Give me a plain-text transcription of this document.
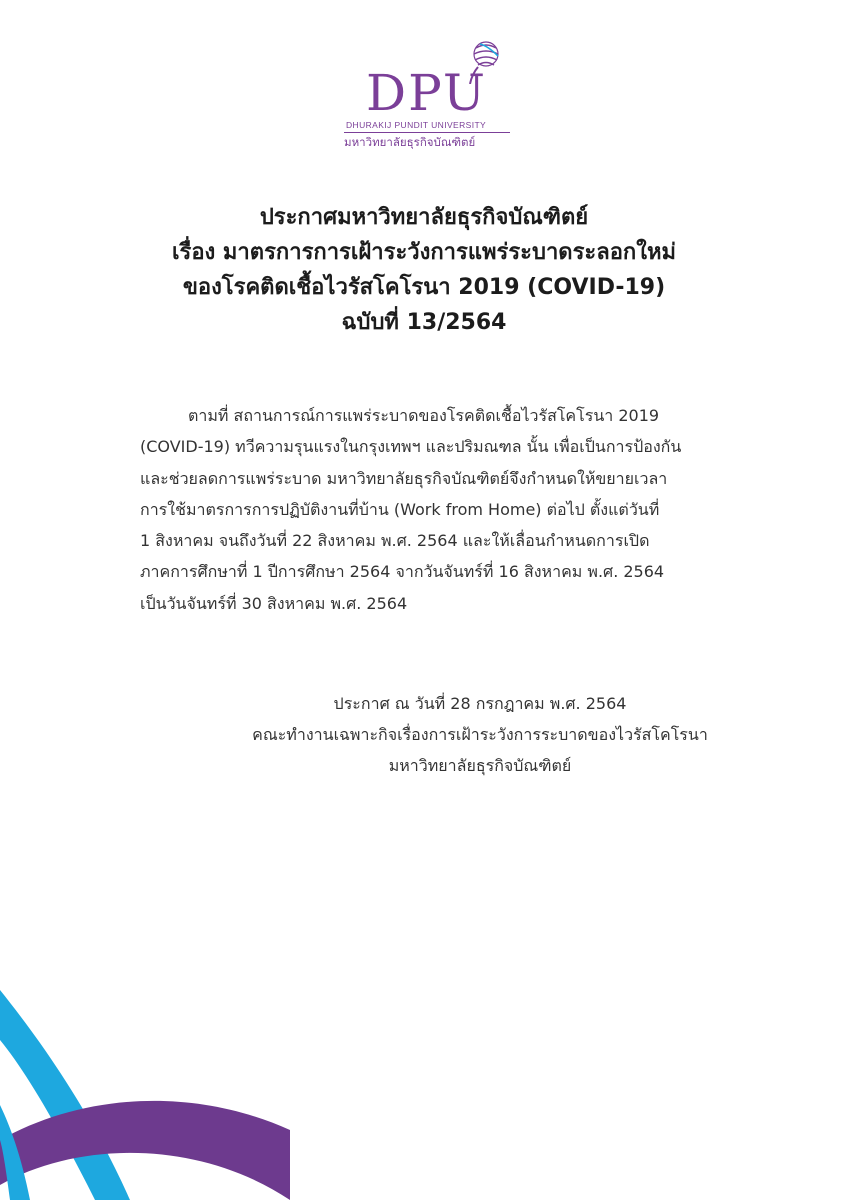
DPU
DHURAKIJ PUNDIT UNIVERSITY
มหาวิทยาลัยธุรกิจบัณฑิตย์
ประกาศมหาวิทยาลัยธุรกิจบัณฑิตย์
เรื่อง มาตรการการเฝ้าระวังการแพร่ระบาดระลอกใหม่
ของโรคติดเชื้อไวรัสโคโรนา 2019 (COVID-19)
ฉบับที่ 13/2564
ตามที่ สถานการณ์การแพร่ระบาดของโรคติดเชื้อไวรัสโคโรนา 2019
(COVID-19) ทวีความรุนแรงในกรุงเทพฯ และปริมณฑล นั้น เพื่อเป็นการป้องกัน
และช่วยลดการแพร่ระบาด มหาวิทยาลัยธุรกิจบัณฑิตย์จึงกำหนดให้ขยายเวลา
การใช้มาตรการการปฏิบัติงานที่บ้าน (Work from Home) ต่อไป ตั้งแต่วันที่
1 สิงหาคม จนถึงวันที่ 22 สิงหาคม พ.ศ. 2564 และให้เลื่อนกำหนดการเปิด
ภาคการศึกษาที่ 1 ปีการศึกษา 2564 จากวันจันทร์ที่ 16 สิงหาคม พ.ศ. 2564
เป็นวันจันทร์ที่ 30 สิงหาคม พ.ศ. 2564
ประกาศ ณ วันที่ 28 กรกฎาคม พ.ศ. 2564
คณะทำงานเฉพาะกิจเรื่องการเฝ้าระวังการระบาดของไวรัสโคโรนา
มหาวิทยาลัยธุรกิจบัณฑิตย์
